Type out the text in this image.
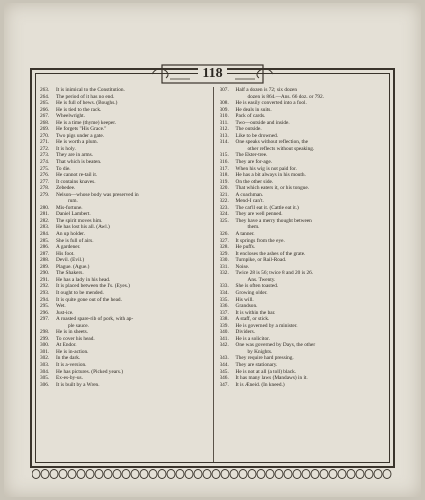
118
263. It is inimical to the Constitution.
264. The period of it has no end.
265. He is full of hews. (Boughs.)
266. He is tied to the rack.
267. Wheelwright.
268. He is a time (thyme) keeper.
269. He forgets "His Grace."
270. Two pigs under a gate.
271. He is worth a plum.
272. It is holy.
273. They are in arms.
274. That which is beaten.
275. To die.
276. He cannot re-tail it.
277. It contains knaves.
278. Zebedee.
279. Nelson—whose body was preserved in
rum.
280. Mis-fortune.
281. Daniel Lambert.
282. The spirit moves him.
283. He has lost his all. (Awl.)
284. An up holder.
285. She is full of airs.
286. A gardener.
287. His foot.
288. Devil. (Evil.)
289. Plague. (Ague.)
290. The Shakers.
291. He has a lady in his head.
292. It is placed between the I's. (Eyes.)
293. It ought to be mended.
294. It is quite gone out of the head.
295. Wet.
296. Just-ice.
297. A roasted spare-rib of pork, with ap-
ple sauce.
298. He is in sheets.
299. To cover his head.
300. At Endor.
301. He is in-action.
302. In the dark.
303. It is a-version.
304. He has pictures. (Picked years.)
305. Ex-es-by-us.
306. It is built by a Wren.
307. Half a dozen is 72; six dozen
dozen is 864.—Ans. 66 doz. or 792.
308. He is easily converted into a fool.
309. He deals in suits.
310. Pack of cards.
311. Two—outside and inside.
312. The outside.
313. Like to be drowned.
314. One speaks without reflection, the
other reflects without speaking.
315. The Ekter-tree.
316. They are for-age.
317. When his wig is not paid for.
318. He has a bit always in his mouth.
319. On the other side.
320. That which eaters it, or his tongue.
321. A coachman.
322. Mend-I can't.
323. The cat'll eat it. (Cattle eat it.)
324. They are well penned.
325. They have a merry thought between
them.
326. A tanner.
327. It springs from the eye.
328. He puffs.
329. It encloses the ashes of the grate.
330. Turnpike, or Rail-Road.
331. Noise.
332. Twice 28 is 56; twice 8 and 20 is 26.
Ans. Twenty.
333. She is often toasted.
334. Growing older.
335. His will.
336. Grandson.
337. It is within the bar.
338. A staff, or stick.
339. He is governed by a minister.
340. Dividers.
341. He is a solicitor.
342. One was governed by Days, the other
by Knights.
343. They require hard pressing.
344. They are stationary.
345. He is not at all (a toll) black.
346. It has many laws (Mandaws) in it.
347. It is Æneid. (In kneed.)
